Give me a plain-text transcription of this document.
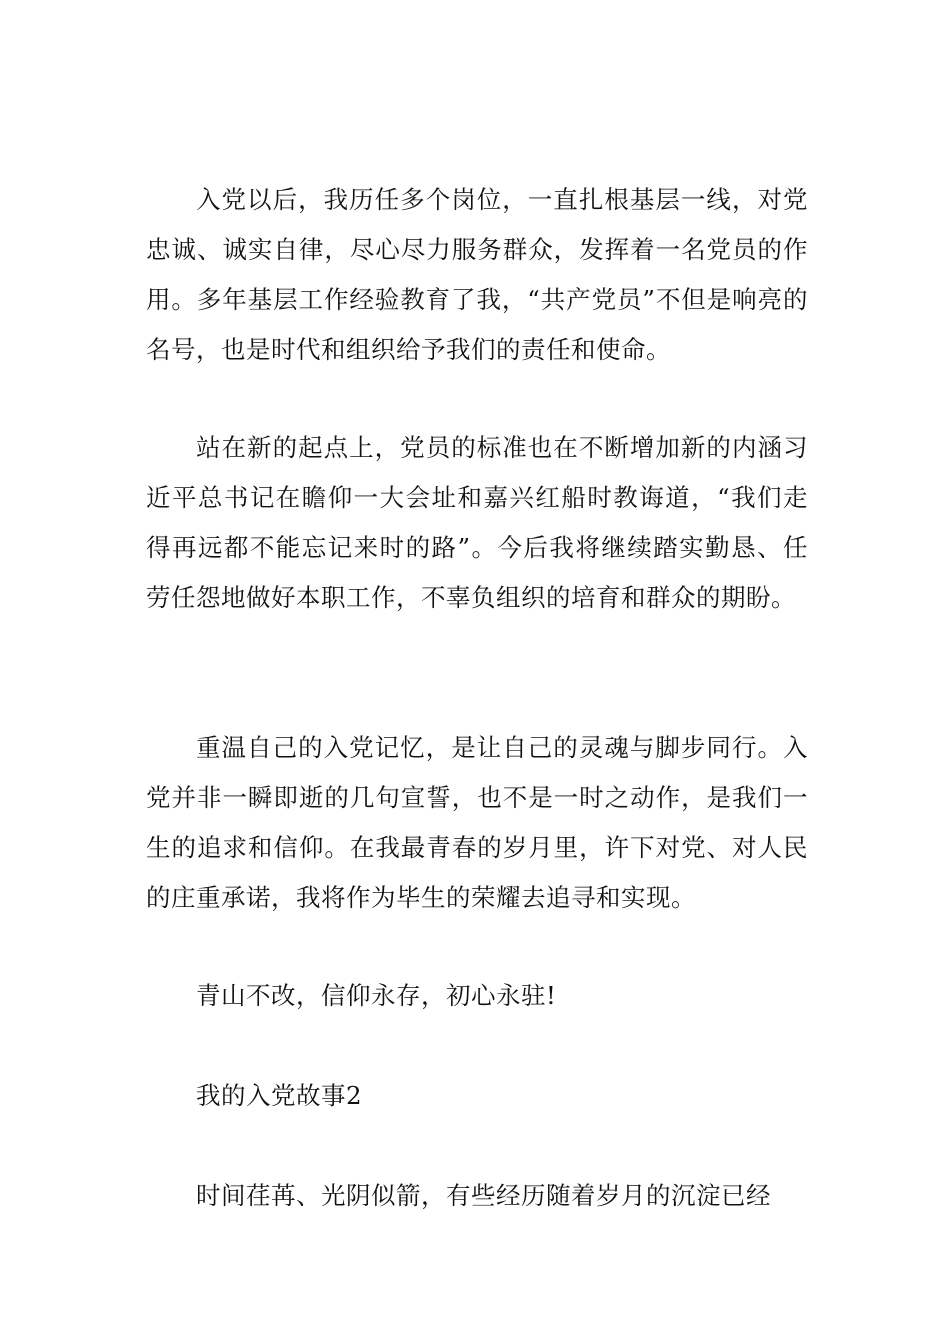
入党以后，我历任多个岗位，一直扎根基层一线，对党忠诚、诚实自律，尽心尽力服务群众，发挥着一名党员的作用。多年基层工作经验教育了我，“共产党员”不但是响亮的名号，也是时代和组织给予我们的责任和使命。

站在新的起点上，党员的标准也在不断增加新的内涵习近平总书记在瞻仰一大会址和嘉兴红船时教诲道，“我们走得再远都不能忘记来时的路”。今后我将继续踏实勤恳、任劳任怨地做好本职工作，不辜负组织的培育和群众的期盼。

重温自己的入党记忆，是让自己的灵魂与脚步同行。入党并非一瞬即逝的几句宣誓，也不是一时之动作，是我们一生的追求和信仰。在我最青春的岁月里，许下对党、对人民的庄重承诺，我将作为毕生的荣耀去追寻和实现。

青山不改，信仰永存，初心永驻!

我的入党故事2

时间荏苒、光阴似箭，有些经历随着岁月的沉淀已经
